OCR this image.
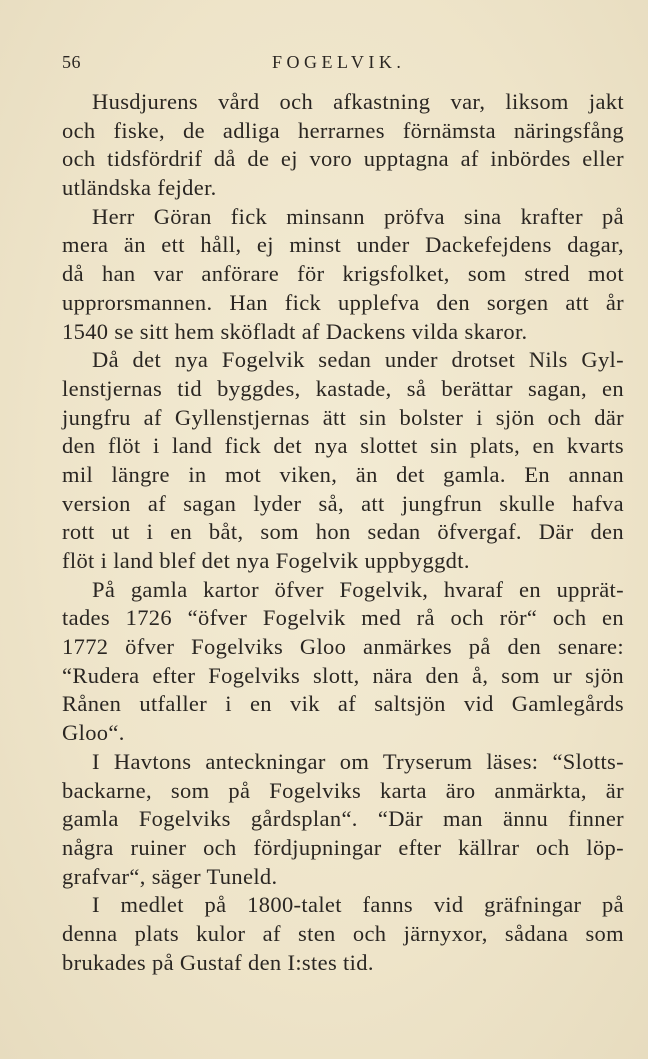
56	FOGELVIK.
Husdjurens vård och afkastning var, liksom jakt
och fiske, de adliga herrarnes förnämsta näringsfång
och tidsfördrif då de ej voro upptagna af inbördes eller
utländska fejder.
Herr Göran fick minsann pröfva sina krafter på
mera än ett håll, ej minst under Dackefejdens dagar,
då han var anförare för krigsfolket, som stred mot
upprorsmannen. Han fick upplefva den sorgen att år
1540 se sitt hem sköfladt af Dackens vilda skaror.
Då det nya Fogelvik sedan under drotset Nils Gyl-
lenstjernas tid byggdes, kastade, så berättar sagan, en
jungfru af Gyllenstjernas ätt sin bolster i sjön och där
den flöt i land fick det nya slottet sin plats, en kvarts
mil längre in mot viken, än det gamla. En annan
version af sagan lyder så, att jungfrun skulle hafva
rott ut i en båt, som hon sedan öfvergaf. Där den
flöt i land blef det nya Fogelvik uppbyggdt.
På gamla kartor öfver Fogelvik, hvaraf en upprät-
tades 1726 “öfver Fogelvik med rå och rör“ och en
1772 öfver Fogelviks Gloo anmärkes på den senare:
“Rudera efter Fogelviks slott, nära den å, som ur sjön
Rånen utfaller i en vik af saltsjön vid Gamlegårds
Gloo“.
I Havtons anteckningar om Tryserum läses: “Slotts-
backarne, som på Fogelviks karta äro anmärkta, är
gamla Fogelviks gårdsplan“. “Där man ännu finner
några ruiner och fördjupningar efter källrar och löp-
grafvar“, säger Tuneld.
I medlet på 1800-talet fanns vid gräfningar på
denna plats kulor af sten och järnyxor, sådana som
brukades på Gustaf den I:stes tid.
